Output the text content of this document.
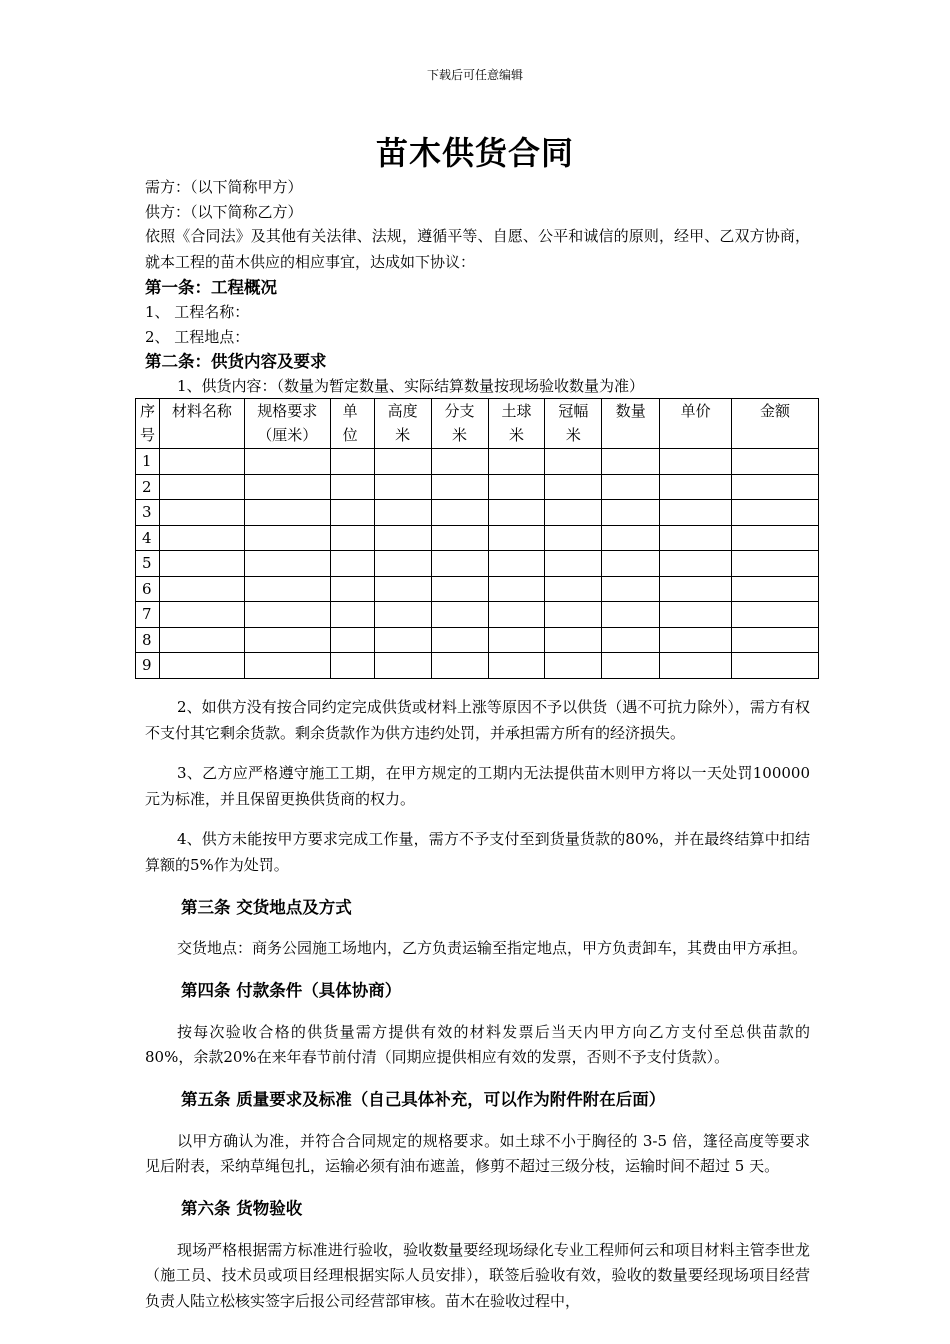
下载后可任意编辑
苗木供货合同

需方：（以下简称甲方）

供方：（以下简称乙方）

依照《合同法》及其他有关法律、法规，遵循平等、自愿、公平和诚信的原则，经甲、乙双方协商，就本工程的苗木供应的相应事宜，达成如下协议：

第一条：工程概况

1、 工程名称：

2、 工程地点：

第二条：供货内容及要求

1、供货内容：（数量为暂定数量、实际结算数量按现场验收数量为准）

序号	材料名称	规格要求（厘米）	单位	高度米	分支米	土球米	冠幅米	数量	单价	金额
1										
2										
3										
4										
5										
6										
7										
8										
9										

2、如供方没有按合同约定完成供货或材料上涨等原因不予以供货（遇不可抗力除外），需方有权不支付其它剩余货款。剩余货款作为供方违约处罚，并承担需方所有的经济损失。

3、乙方应严格遵守施工工期，在甲方规定的工期内无法提供苗木则甲方将以一天处罚100000元为标准，并且保留更换供货商的权力。

4、供方未能按甲方要求完成工作量，需方不予支付至到货量货款的80%，并在最终结算中扣结算额的5%作为处罚。

第三条 交货地点及方式

交货地点：商务公园施工场地内，乙方负责运输至指定地点，甲方负责卸车，其费由甲方承担。

第四条 付款条件（具体协商）

按每次验收合格的供货量需方提供有效的材料发票后当天内甲方向乙方支付至总供苗款的80%，余款20%在来年春节前付清（同期应提供相应有效的发票，否则不予支付货款）。

第五条 质量要求及标准（自己具体补充，可以作为附件附在后面）

以甲方确认为准，并符合合同规定的规格要求。如土球不小于胸径的 3-5 倍，篷径高度等要求见后附表，采纳草绳包扎，运输必须有油布遮盖，修剪不超过三级分枝，运输时间不超过 5 天。

第六条 货物验收

现场严格根据需方标准进行验收，验收数量要经现场绿化专业工程师何云和项目材料主管李世龙（施工员、技术员或项目经理根据实际人员安排），联签后验收有效，验收的数量要经现场项目经营负责人陆立松核实签字后报公司经营部审核。苗木在验收过程中，
